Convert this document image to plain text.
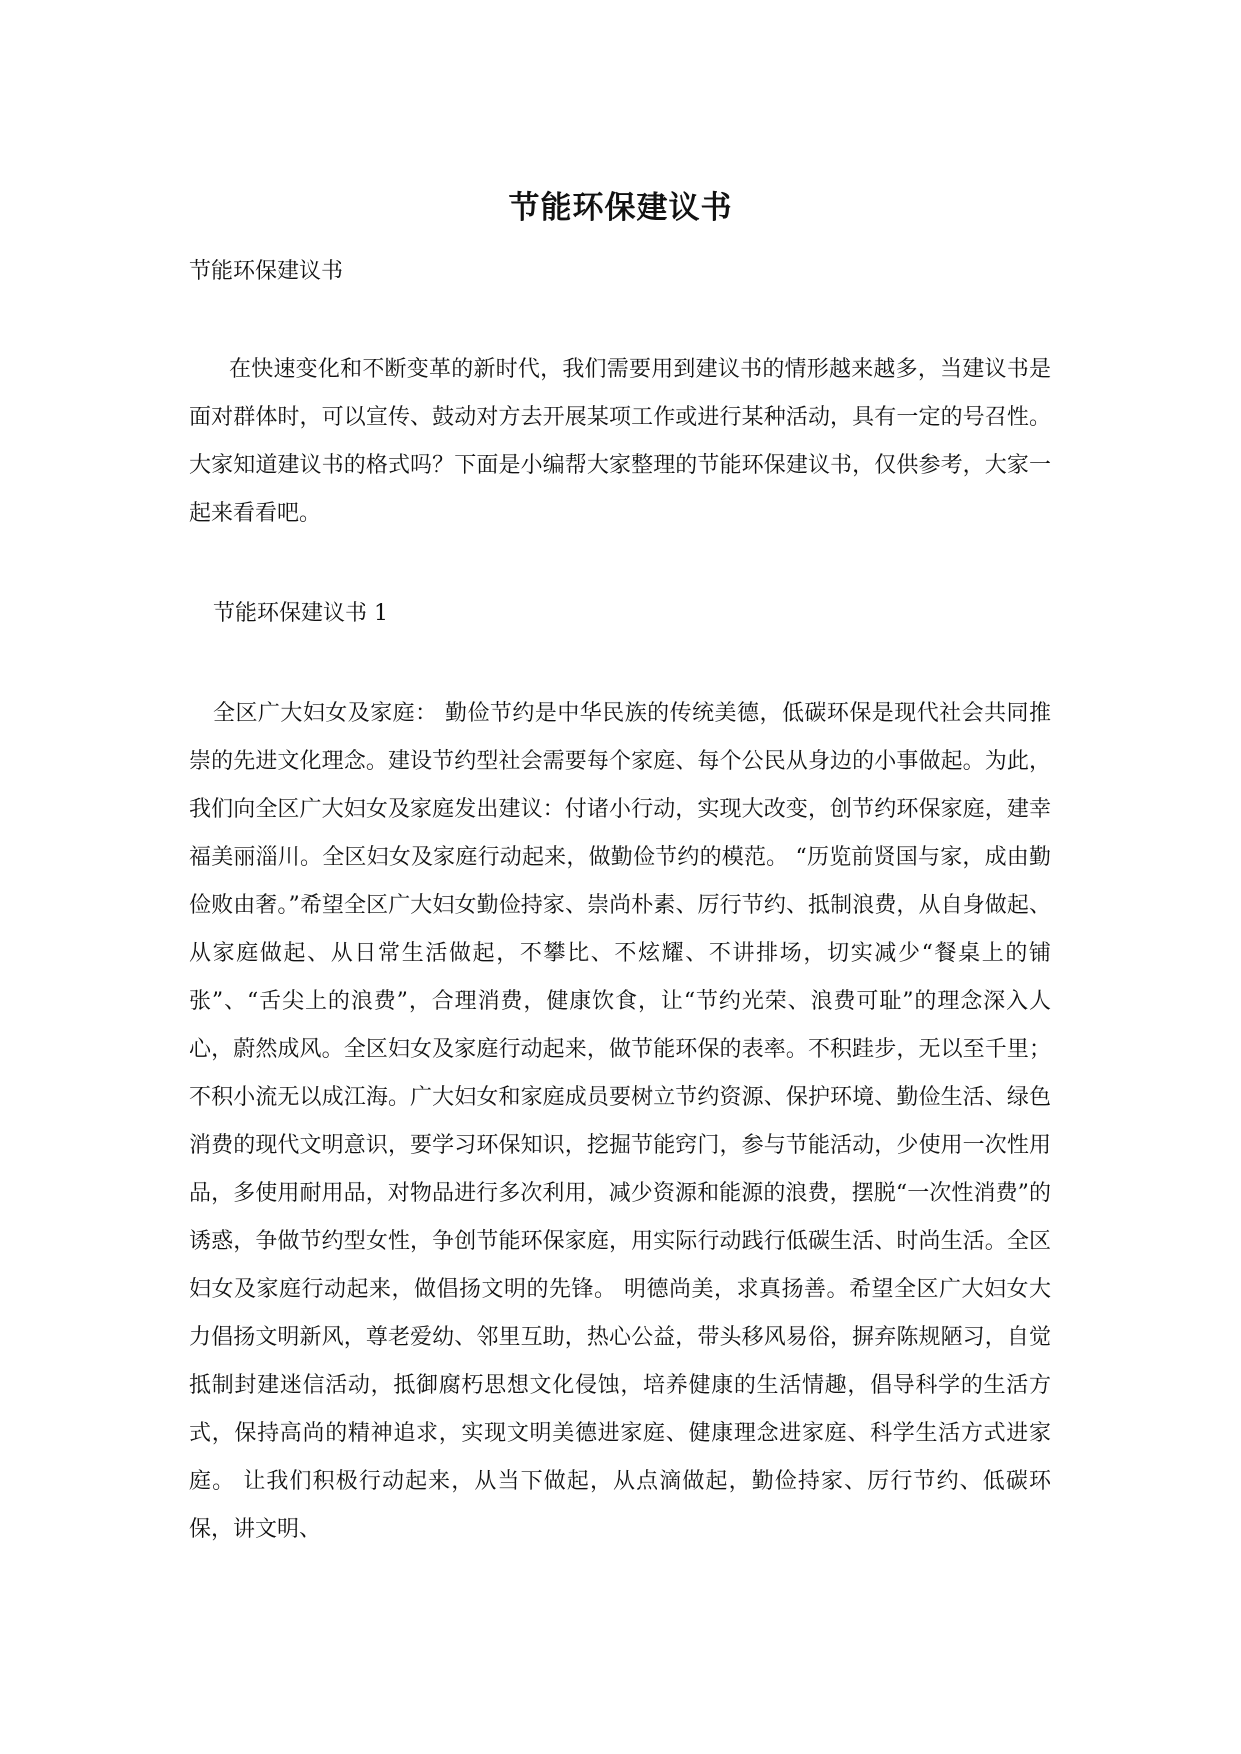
节能环保建议书

节能环保建议书

在快速变化和不断变革的新时代，我们需要用到建议书的情形越来越多，当建议书是面对群体时，可以宣传、鼓动对方去开展某项工作或进行某种活动，具有一定的号召性。大家知道建议书的格式吗？下面是小编帮大家整理的节能环保建议书，仅供参考，大家一起来看看吧。

节能环保建议书 1

全区广大妇女及家庭： 勤俭节约是中华民族的传统美德，低碳环保是现代社会共同推崇的先进文化理念。建设节约型社会需要每个家庭、每个公民从身边的小事做起。为此，我们向全区广大妇女及家庭发出建议：付诸小行动，实现大改变，创节约环保家庭，建幸福美丽淄川。全区妇女及家庭行动起来，做勤俭节约的模范。 “历览前贤国与家，成由勤俭败由奢。”希望全区广大妇女勤俭持家、崇尚朴素、厉行节约、抵制浪费，从自身做起、从家庭做起、从日常生活做起，不攀比、不炫耀、不讲排场，切实减少“餐桌上的铺张”、“舌尖上的浪费”，合理消费，健康饮食，让“节约光荣、浪费可耻”的理念深入人心，蔚然成风。全区妇女及家庭行动起来，做节能环保的表率。不积跬步，无以至千里；不积小流无以成江海。广大妇女和家庭成员要树立节约资源、保护环境、勤俭生活、绿色消费的现代文明意识，要学习环保知识，挖掘节能窍门，参与节能活动，少使用一次性用品，多使用耐用品，对物品进行多次利用，减少资源和能源的浪费，摆脱“一次性消费”的诱惑，争做节约型女性，争创节能环保家庭，用实际行动践行低碳生活、时尚生活。全区妇女及家庭行动起来，做倡扬文明的先锋。 明德尚美，求真扬善。希望全区广大妇女大力倡扬文明新风，尊老爱幼、邻里互助，热心公益，带头移风易俗，摒弃陈规陋习，自觉抵制封建迷信活动，抵御腐朽思想文化侵蚀，培养健康的生活情趣，倡导科学的生活方式，保持高尚的精神追求，实现文明美德进家庭、健康理念进家庭、科学生活方式进家庭。 让我们积极行动起来，从当下做起，从点滴做起，勤俭持家、厉行节约、低碳环保，讲文明、
